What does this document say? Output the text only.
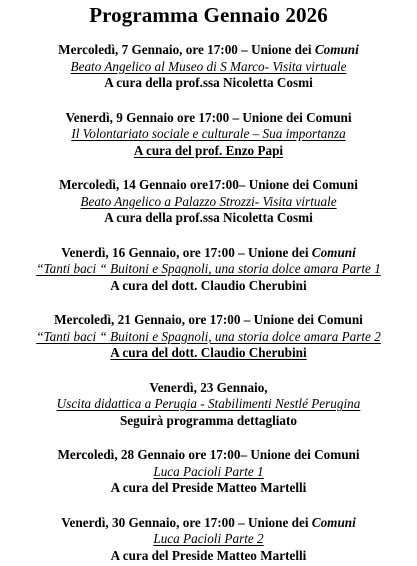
Programma Gennaio 2026
Mercoledì, 7 Gennaio, ore 17:00 – Unione dei Comuni
Beato Angelico al Museo di S Marco- Visita virtuale
A cura della prof.ssa Nicoletta Cosmi
Venerdì, 9 Gennaio ore 17:00 – Unione dei Comuni
Il Volontariato sociale e culturale – Sua importanza
A cura del prof. Enzo Papi
Mercoledì, 14 Gennaio ore17:00– Unione dei Comuni
Beato Angelico a Palazzo Strozzi- Visita virtuale
A cura della prof.ssa Nicoletta Cosmi
Venerdì, 16 Gennaio, ore 17:00 – Unione dei Comuni
“Tanti baci “ Buitoni e Spagnoli, una storia dolce amara Parte 1
A cura del dott. Claudio Cherubini
Mercoledì, 21 Gennaio, ore 17:00 – Unione dei Comuni
“Tanti baci “ Buitoni e Spagnoli, una storia dolce amara Parte 2
A cura del dott. Claudio Cherubini
Venerdì, 23 Gennaio,
Uscita didattica a Perugia - Stabilimenti Nestlé Perugina
Seguirà programma dettagliato
Mercoledì, 28 Gennaio ore 17:00– Unione dei Comuni
Luca Pacioli Parte 1
A cura del Preside Matteo Martelli
Venerdì, 30 Gennaio, ore 17:00 – Unione dei Comuni
Luca Pacioli Parte 2
A cura del Preside Matteo Martelli
